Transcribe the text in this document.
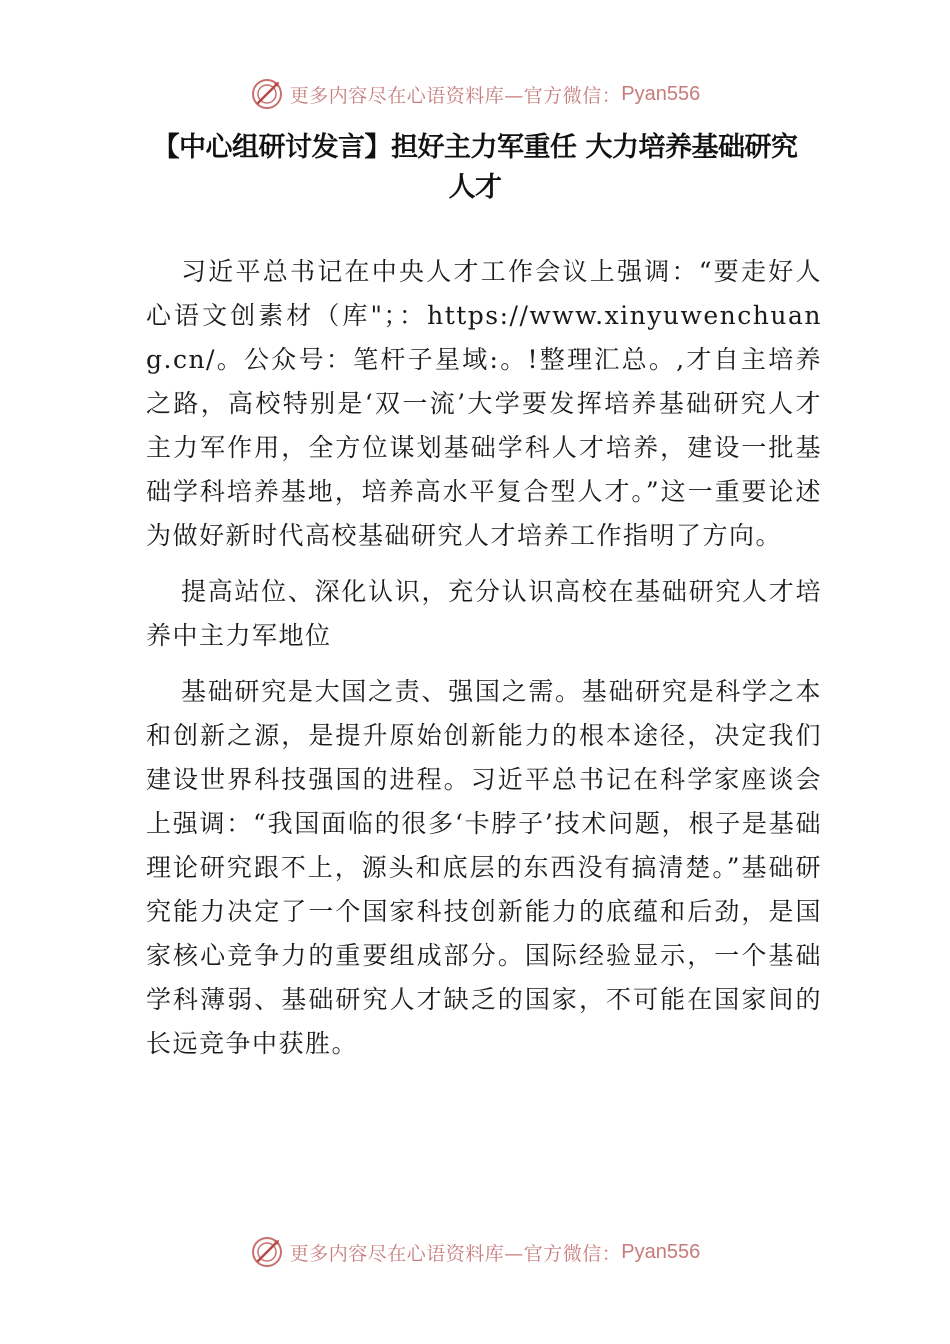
更多内容尽在心语资料库—官方微信： Pyan556
【中心组研讨发言】担好主力军重任 大力培养基础研究人才

习近平总书记在中央人才工作会议上强调：“要走好人心语文创素材（库"；：https://www.xinyuwenchuang.cn/。公众号：笔杆子星域:。!整理汇总。,才自主培养之路，高校特别是‘双一流’大学要发挥培养基础研究人才主力军作用，全方位谋划基础学科人才培养，建设一批基础学科培养基地，培养高水平复合型人才。”这一重要论述为做好新时代高校基础研究人才培养工作指明了方向。

提高站位、深化认识，充分认识高校在基础研究人才培养中主力军地位

基础研究是大国之责、强国之需。基础研究是科学之本和创新之源，是提升原始创新能力的根本途径，决定我们建设世界科技强国的进程。习近平总书记在科学家座谈会上强调：“我国面临的很多‘卡脖子’技术问题，根子是基础理论研究跟不上，源头和底层的东西没有搞清楚。”基础研究能力决定了一个国家科技创新能力的底蕴和后劲，是国家核心竞争力的重要组成部分。国际经验显示，一个基础学科薄弱、基础研究人才缺乏的国家，不可能在国家间的长远竞争中获胜。

更多内容尽在心语资料库—官方微信： Pyan556
